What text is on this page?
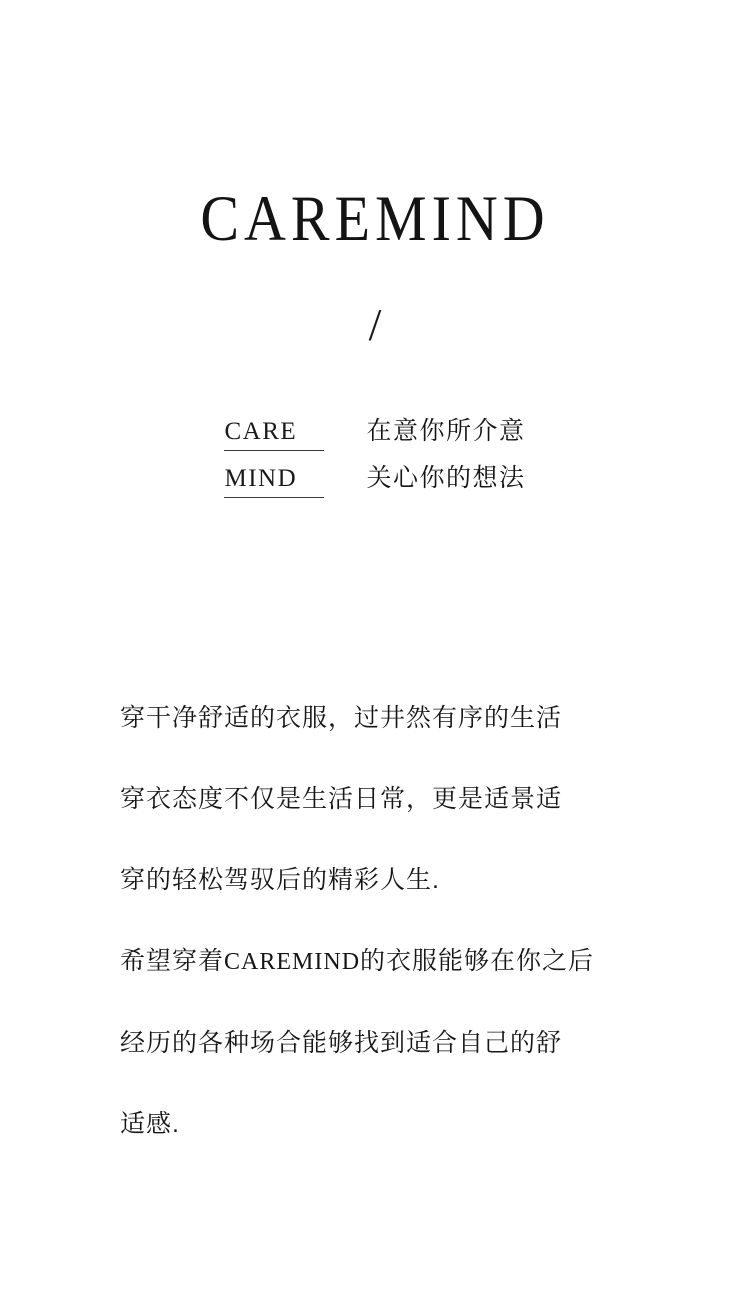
CAREMIND
/
CARE	在意你所介意
MIND	关心你的想法
穿干净舒适的衣服，过井然有序的生活
穿衣态度不仅是生活日常，更是适景适
穿的轻松驾驭后的精彩人生.
希望穿着CAREMIND的衣服能够在你之后
经历的各种场合能够找到适合自己的舒
适感.
